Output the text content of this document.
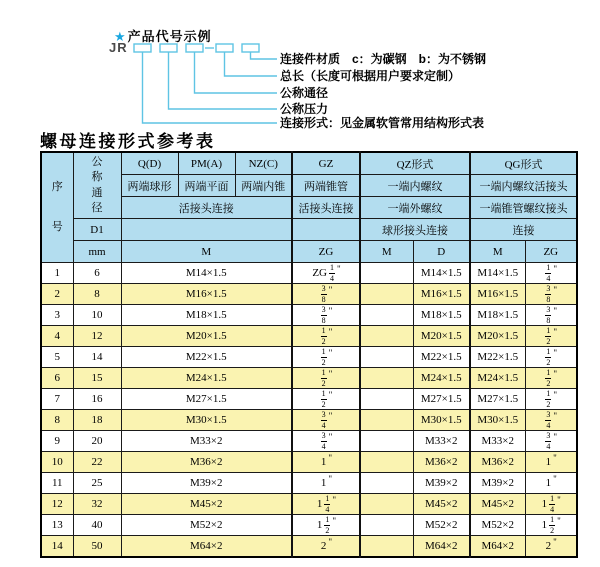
★产品代号示例
JR
连接件材质　c：为碳钢　b：为不锈钢
总长（长度可根据用户要求定制）
公称通径
公称压力
连接形式：见金属软管常用结构形式表
螺母连接形式参考表
序
号	公
称
通
径	Q(D)	PM(A)	NZ(C)	GZ	QZ形式		QG形式	
		两端球形	两端平面	两端内锥	两端锥管	一端内螺纹		一端内螺纹活接头	
		活接头连接			活接头连接	一端外螺纹		一端锥管螺纹接头	
	D1					球形接头连接		连接	
	mm	M			ZG	M	D	M	ZG
1	6	M14×1.5			ZG $\frac{1}{4} ^"$		M14×1.5	M14×1.5	$\frac{1}{4} ^"$
2	8	M16×1.5			$\frac{3}{8} ^"$		M16×1.5	M16×1.5	$\frac{3}{8} ^"$
3	10	M18×1.5			$\frac{3}{8} ^"$		M18×1.5	M18×1.5	$\frac{3}{8} ^"$
4	12	M20×1.5			$\frac{1}{2} ^"$		M20×1.5	M20×1.5	$\frac{1}{2} ^"$
5	14	M22×1.5			$\frac{1}{2} ^"$		M22×1.5	M22×1.5	$\frac{1}{2} ^"$
6	15	M24×1.5			$\frac{1}{2} ^"$		M24×1.5	M24×1.5	$\frac{1}{2} ^"$
7	16	M27×1.5			$\frac{1}{2} ^"$		M27×1.5	M27×1.5	$\frac{1}{2} ^"$
8	18	M30×1.5			$\frac{3}{4} ^"$		M30×1.5	M30×1.5	$\frac{3}{4} ^"$
9	20	M33×2			$\frac{3}{4} ^"$		M33×2	M33×2	$\frac{3}{4} ^"$
10	22	M36×2			1 "		M36×2	M36×2	1 "
11	25	M39×2			1 "		M39×2	M39×2	1 "
12	32	M45×2			$1 \frac{1}{4} ^"$		M45×2	M45×2	$1 \frac{1}{4} ^"$
13	40	M52×2			$1 \frac{1}{2} ^"$		M52×2	M52×2	$1 \frac{1}{2} ^"$
14	50	M64×2			2 "		M64×2	M64×2	2 "
